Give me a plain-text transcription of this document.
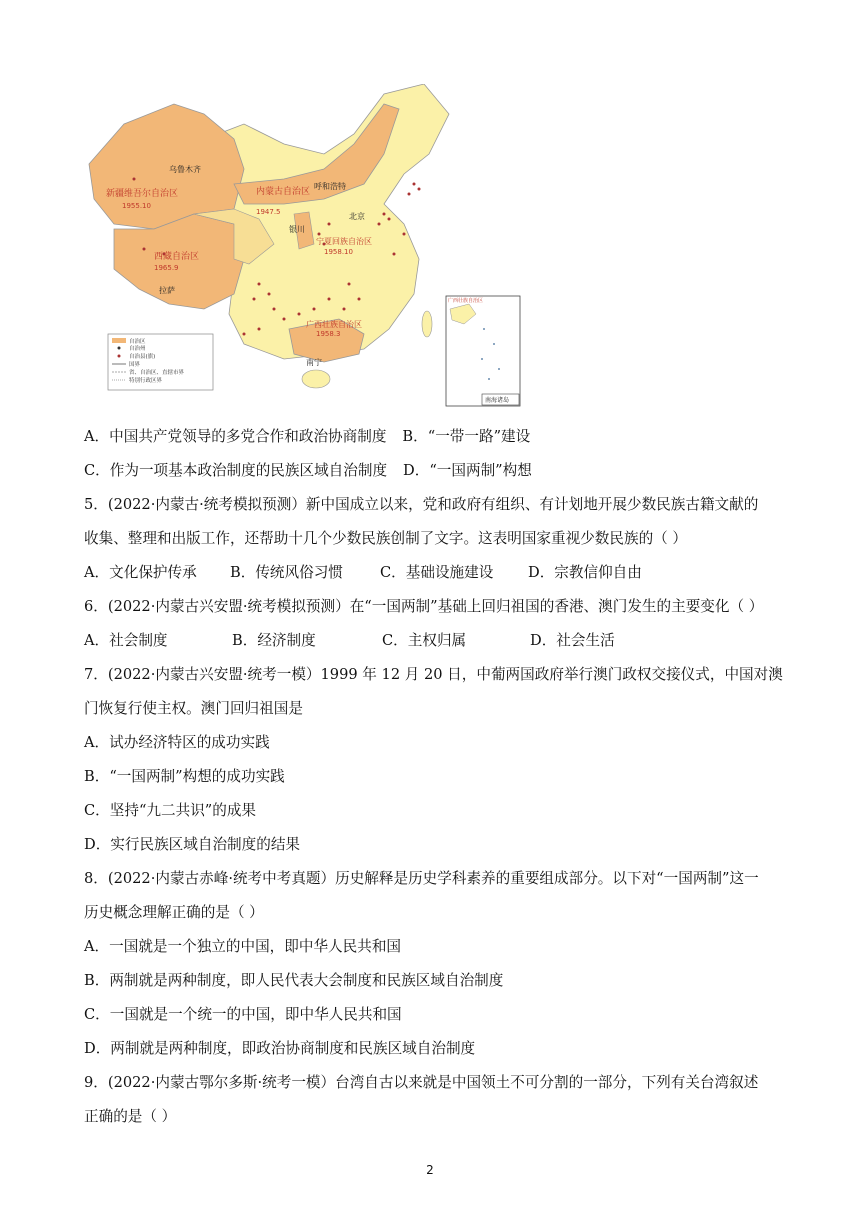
新疆维吾尔自治区
1955.10
西藏自治区
1965.9
内蒙古自治区
1947.5
宁夏回族自治区
1958.10
广西壮族自治区
1958.3
乌鲁木齐
呼和浩特
银川
北京
拉萨
南宁
自治区
自治州
自治县(旗)
国界
省、自治区、直辖市界
特别行政区界
广西壮族自治区
南海诸岛
A．中国共产党领导的多党合作和政治协商制度 B．“一带一路”建设
C．作为一项基本政治制度的民族区域自治制度 D．“一国两制”构想
5．(2022·内蒙古·统考模拟预测）新中国成立以来，党和政府有组织、有计划地开展少数民族古籍文献的
收集、整理和出版工作，还帮助十几个少数民族创制了文字。这表明国家重视少数民族的（ ）
A．文化保护传承 B．传统风俗习惯	C．基础设施建设 D．宗教信仰自由
6．(2022·内蒙古兴安盟·统考模拟预测）在“一国两制”基础上回归祖国的香港、澳门发生的主要变化（ ）
A．社会制度	B．经济制度	C．主权归属	D．社会生活
7．(2022·内蒙古兴安盟·统考一模）1999 年 12 月 20 日，中葡两国政府举行澳门政权交接仪式，中国对澳
门恢复行使主权。澳门回归祖国是
A．试办经济特区的成功实践
B．“一国两制”构想的成功实践
C．坚持“九二共识”的成果
D．实行民族区域自治制度的结果
8．(2022·内蒙古赤峰·统考中考真题）历史解释是历史学科素养的重要组成部分。以下对“一国两制”这一
历史概念理解正确的是（ ）
A．一国就是一个独立的中国，即中华人民共和国
B．两制就是两种制度，即人民代表大会制度和民族区域自治制度
C．一国就是一个统一的中国，即中华人民共和国
D．两制就是两种制度，即政治协商制度和民族区域自治制度
9．(2022·内蒙古鄂尔多斯·统考一模）台湾自古以来就是中国领土不可分割的一部分，下列有关台湾叙述
正确的是（ ）
2
